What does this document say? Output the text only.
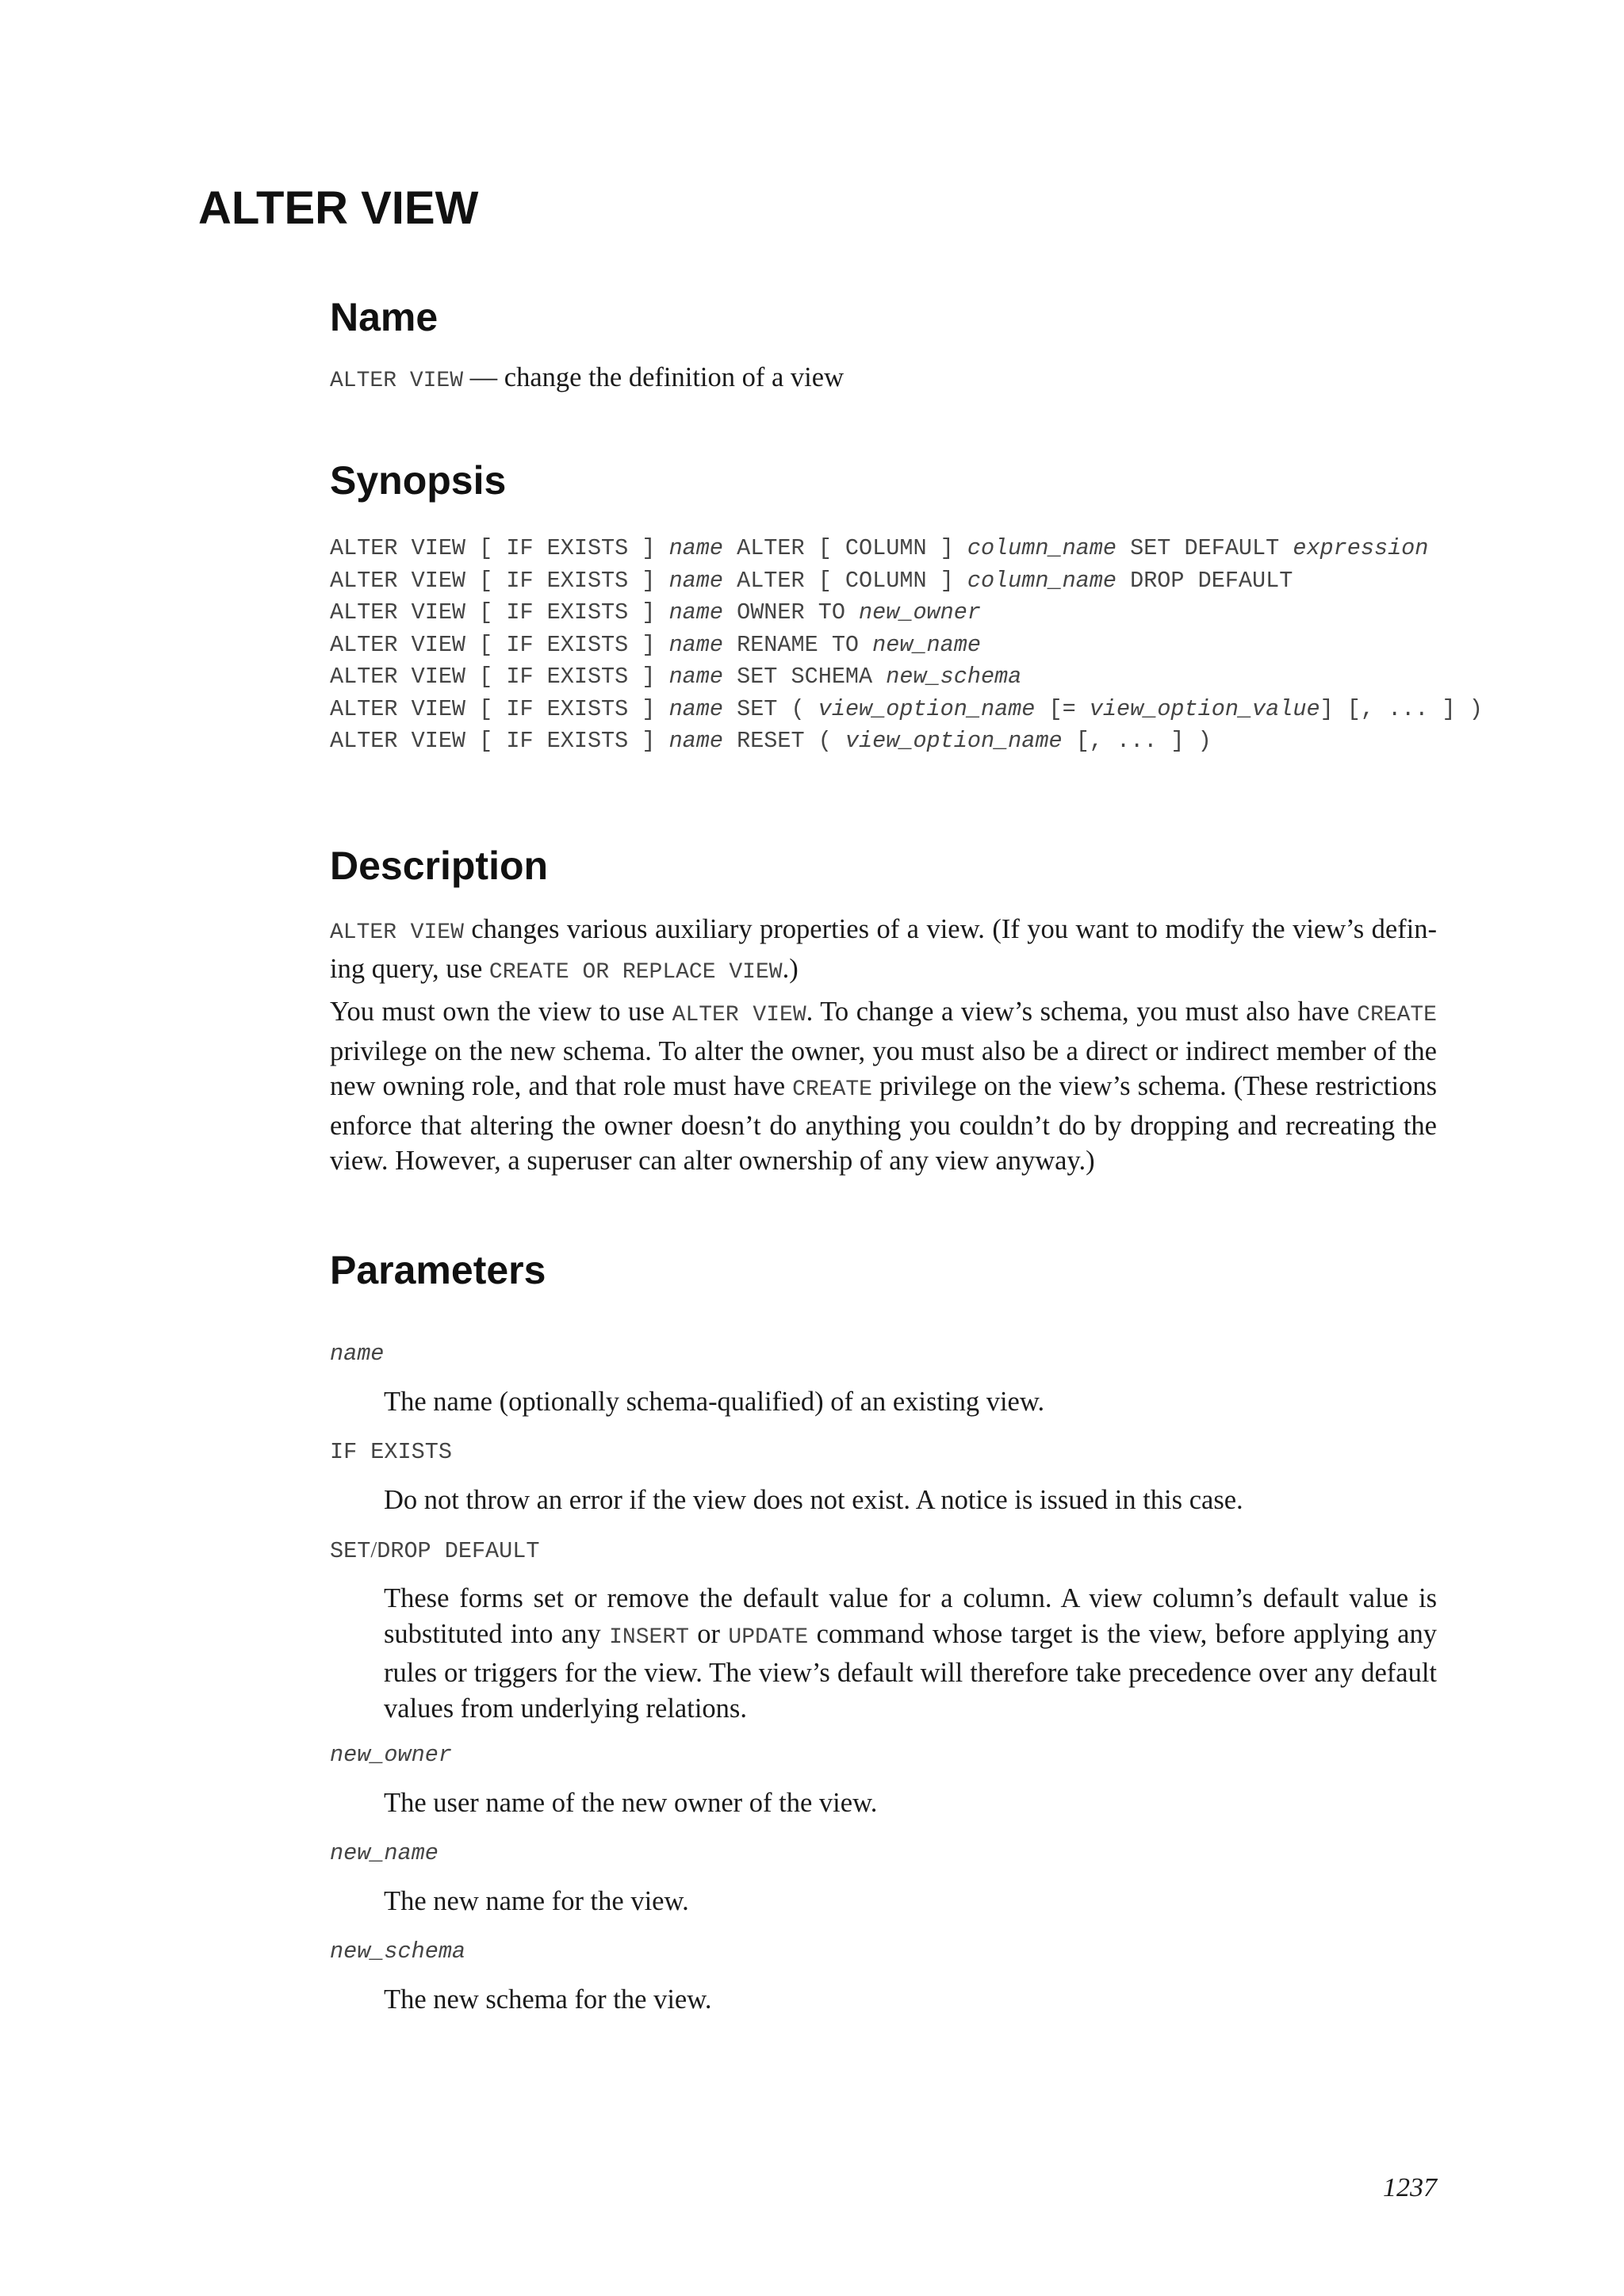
ALTER VIEW
Name

ALTER VIEW — change the definition of a view

Synopsis
ALTER VIEW [ IF EXISTS ] name ALTER [ COLUMN ] column_name SET DEFAULT expression
ALTER VIEW [ IF EXISTS ] name ALTER [ COLUMN ] column_name DROP DEFAULT
ALTER VIEW [ IF EXISTS ] name OWNER TO new_owner
ALTER VIEW [ IF EXISTS ] name RENAME TO new_name
ALTER VIEW [ IF EXISTS ] name SET SCHEMA new_schema
ALTER VIEW [ IF EXISTS ] name SET ( view_option_name [= view_option_value] [, ... ] )
ALTER VIEW [ IF EXISTS ] name RESET ( view_option_name [, ... ] )
Description

ALTER VIEW changes various auxiliary properties of a view. (If you want to modify the view’s defin-ing query, use CREATE OR REPLACE VIEW.)

You must own the view to use ALTER VIEW. To change a view’s schema, you must also have CREATE privilege on the new schema. To alter the owner, you must also be a direct or indirect member of the new owning role, and that role must have CREATE privilege on the view’s schema. (These restrictions enforce that altering the owner doesn’t do anything you couldn’t do by dropping and recreating the view. However, a superuser can alter ownership of any view anyway.)

Parameters

name

The name (optionally schema-qualified) of an existing view.

IF EXISTS

Do not throw an error if the view does not exist. A notice is issued in this case.

SET/DROP DEFAULT

These forms set or remove the default value for a column. A view column’s default value is substituted into any INSERT or UPDATE command whose target is the view, before applying any rules or triggers for the view. The view’s default will therefore take precedence over any default values from underlying relations.

new_owner

The user name of the new owner of the view.

new_name

The new name for the view.

new_schema

The new schema for the view.

1237
